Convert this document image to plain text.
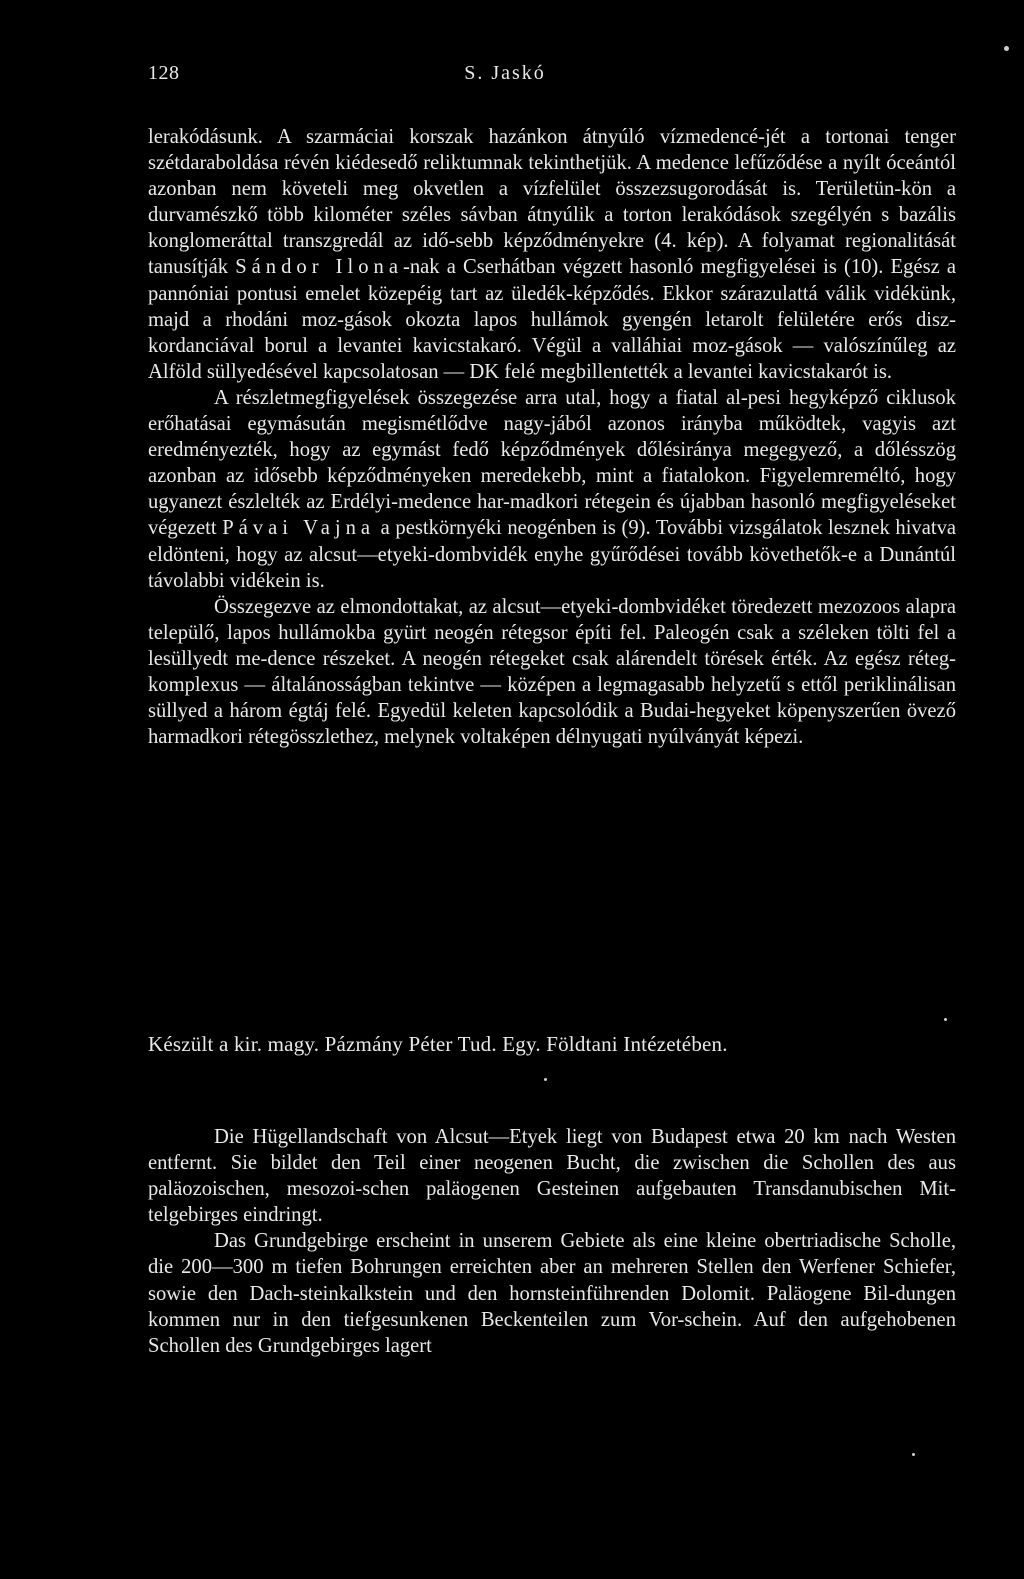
128	S. Jaskó

lerakódásunk. A szarmáciai korszak hazánkon átnyúló vízmedencé-jét a tortonai tenger szétdaraboldása révén kiédesedő reliktumnak tekinthetjük. A medence lefűződése a nyílt óceántól azonban nem követeli meg okvetlen a vízfelület összezsugorodását is. Területün-kön a durvamészkő több kilométer széles sávban átnyúlik a torton lerakódások szegélyén s bazális konglomeráttal transzgredál az idő-sebb képződményekre (4. kép). A folyamat regionalitását tanusítják Sándor Ilona-nak a Cserhátban végzett hasonló megfigyelései is (10). Egész a pannóniai pontusi emelet közepéig tart az üledék-képződés. Ekkor szárazulattá válik vidékünk, majd a rhodáni moz-gások okozta lapos hullámok gyengén letarolt felületére erős disz-kordanciával borul a levantei kavicstakaró. Végül a valláhiai moz-gások — valószínűleg az Alföld süllyedésével kapcsolatosan — DK felé megbillentették a levantei kavicstakarót is.

A részletmegfigyelések összegezése arra utal, hogy a fiatal al-pesi hegyképző ciklusok erőhatásai egymásután megismétlődve nagy-jából azonos irányba működtek, vagyis azt eredményezték, hogy az egymást fedő képződmények dőlésiránya megegyező, a dőlésszög azonban az idősebb képződményeken meredekebb, mint a fiatalokon. Figyelemreméltó, hogy ugyanezt észlelték az Erdélyi-medence har-madkori rétegein és újabban hasonló megfigyeléseket végezett Pávai Vajna a pestkörnyéki neogénben is (9). További vizsgálatok lesznek hivatva eldönteni, hogy az alcsut—etyeki-dombvidék enyhe gyűrődései tovább követhetők-e a Dunántúl távolabbi vidékein is.

Összegezve az elmondottakat, az alcsut—etyeki-dombvidéket töredezett mezozoos alapra települő, lapos hullámokba gyürt neogén rétegsor építi fel. Paleogén csak a széleken tölti fel a lesüllyedt me-dence részeket. A neogén rétegeket csak alárendelt törések érték. Az egész réteg-komplexus — általánosságban tekintve — középen a legmagasabb helyzetű s ettől periklinálisan süllyed a három égtáj felé. Egyedül keleten kapcsolódik a Budai-hegyeket köpenyszerűen övező harmadkori rétegösszlethez, melynek voltaképen délnyugati nyúlványát képezi.

Készült a kir. magy. Pázmány Péter Tud. Egy. Földtani Intézetében.

Die Hügellandschaft von Alcsut—Etyek liegt von Budapest etwa 20 km nach Westen entfernt. Sie bildet den Teil einer neogenen Bucht, die zwischen die Schollen des aus paläozoischen, mesozoi-schen paläogenen Gesteinen aufgebauten Transdanubischen Mit-telgebirges eindringt.

Das Grundgebirge erscheint in unserem Gebiete als eine kleine obertriadische Scholle, die 200—300 m tiefen Bohrungen erreichten aber an mehreren Stellen den Werfener Schiefer, sowie den Dach-steinkalkstein und den hornsteinführenden Dolomit. Paläogene Bil-dungen kommen nur in den tiefgesunkenen Beckenteilen zum Vor-schein. Auf den aufgehobenen Schollen des Grundgebirges lagert
